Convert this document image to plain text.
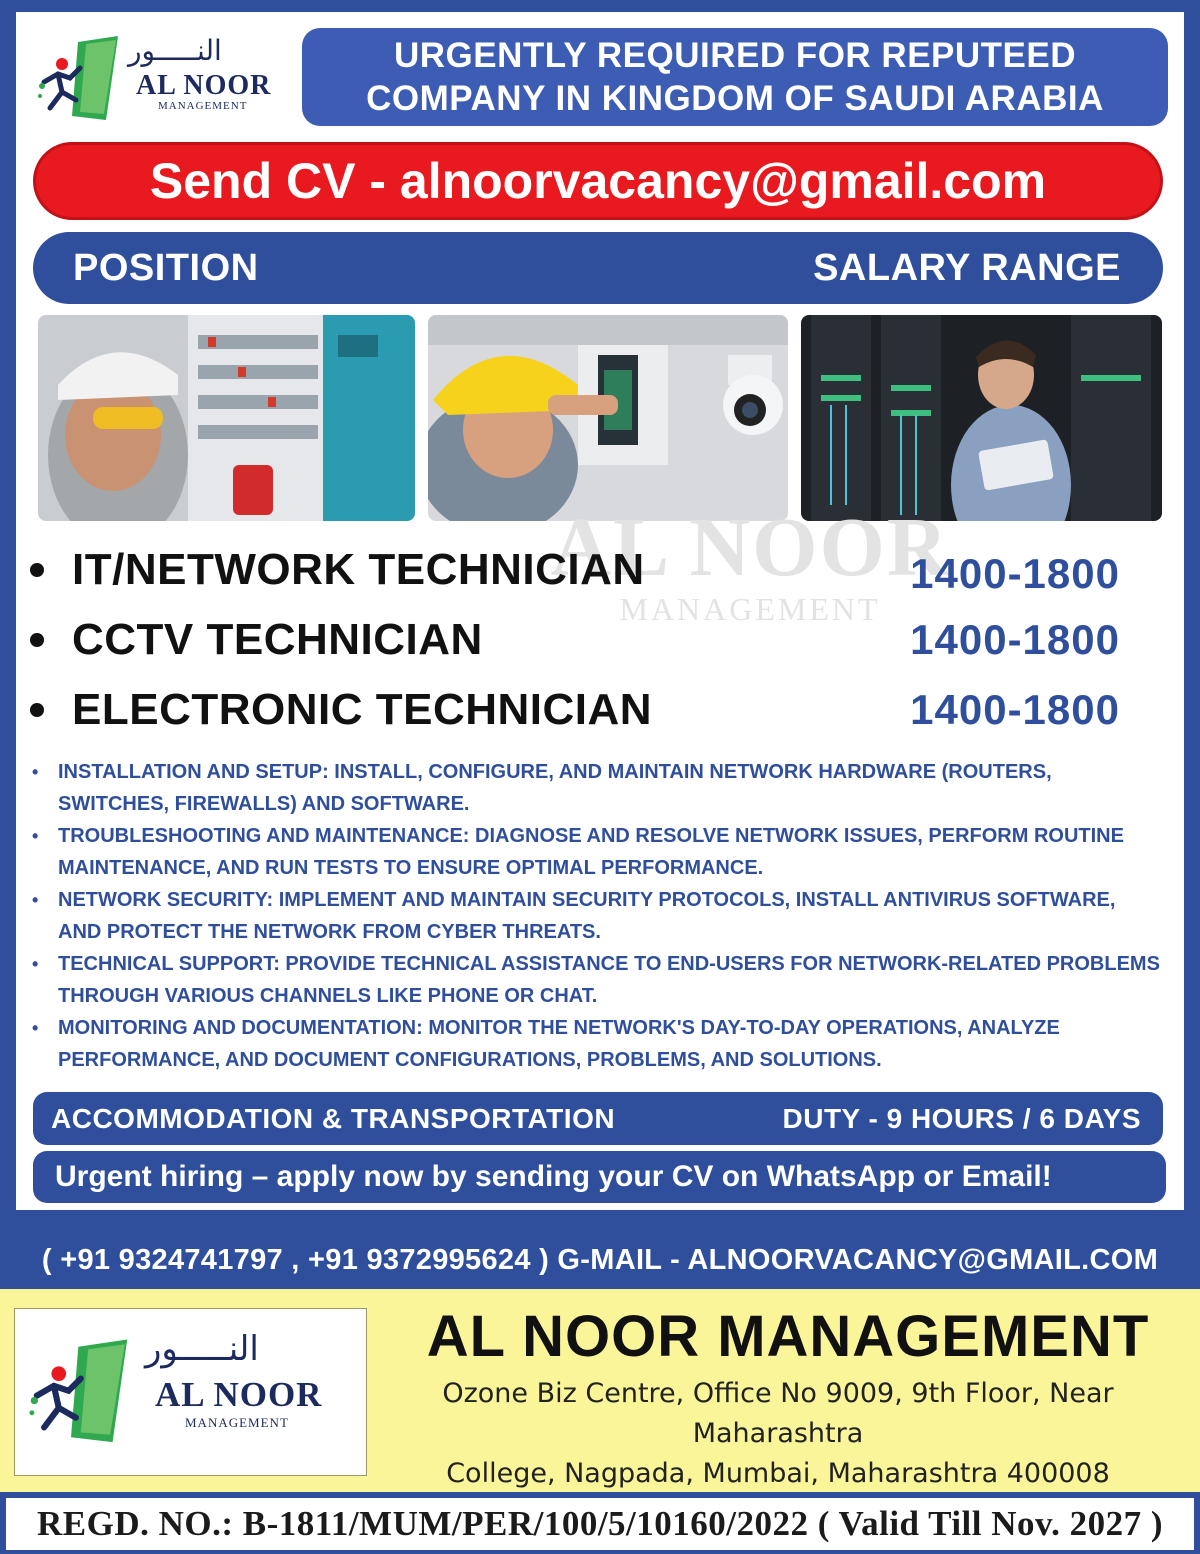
النـــــور
AL NOOR
MANAGEMENT
URGENTLY REQUIRED FOR REPUTEED
COMPANY IN KINGDOM OF SAUDI ARABIA
Send CV - alnoorvacancy@gmail.com
POSITION	SALARY RANGE
AL NOOR
MANAGEMENT
IT/NETWORK TECHNICIAN	1400-1800
CCTV TECHNICIAN	1400-1800
ELECTRONIC TECHNICIAN	1400-1800
• INSTALLATION AND SETUP: INSTALL, CONFIGURE, AND MAINTAIN NETWORK HARDWARE (ROUTERS, SWITCHES, FIREWALLS) AND SOFTWARE.
• TROUBLESHOOTING AND MAINTENANCE: DIAGNOSE AND RESOLVE NETWORK ISSUES, PERFORM ROUTINE MAINTENANCE, AND RUN TESTS TO ENSURE OPTIMAL PERFORMANCE.
• NETWORK SECURITY: IMPLEMENT AND MAINTAIN SECURITY PROTOCOLS, INSTALL ANTIVIRUS SOFTWARE, AND PROTECT THE NETWORK FROM CYBER THREATS.
• TECHNICAL SUPPORT: PROVIDE TECHNICAL ASSISTANCE TO END-USERS FOR NETWORK-RELATED PROBLEMS THROUGH VARIOUS CHANNELS LIKE PHONE OR CHAT.
• MONITORING AND DOCUMENTATION: MONITOR THE NETWORK'S DAY-TO-DAY OPERATIONS, ANALYZE PERFORMANCE, AND DOCUMENT CONFIGURATIONS, PROBLEMS, AND SOLUTIONS.
ACCOMMODATION & TRANSPORTATION	DUTY - 9 HOURS / 6 DAYS
Urgent hiring – apply now by sending your CV on WhatsApp or Email!
( +91 9324741797 , +91 9372995624 ) G-MAIL - ALNOORVACANCY@GMAIL.COM
النـــــور
AL NOOR
MANAGEMENT
AL NOOR MANAGEMENT
Ozone Biz Centre, Office No 9009, 9th Floor, Near Maharashtra
College, Nagpada, Mumbai, Maharashtra 400008
REGD. NO.: B-1811/MUM/PER/100/5/10160/2022 ( Valid Till Nov. 2027 )
